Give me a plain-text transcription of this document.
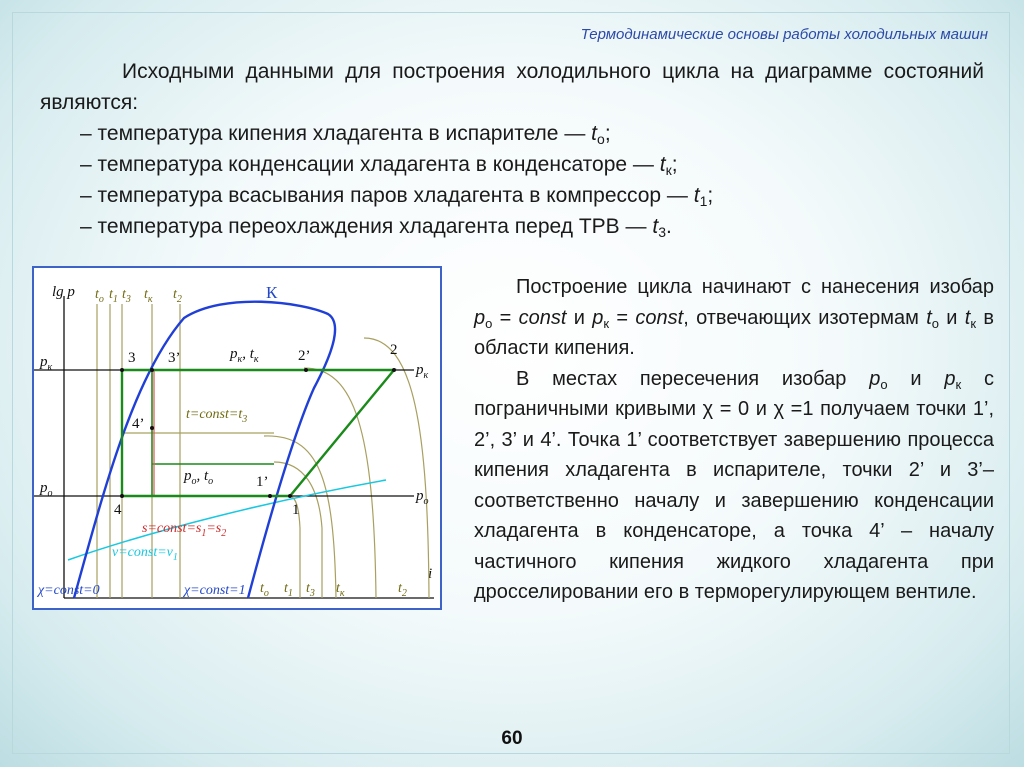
Термодинамические основы работы холодильных машин
Исходными данными для построения холодильного цикла на диаграмме состояний являются:
– температура кипения хладагента в испарителе — $t_о$;
– температура конденсации хладагента в конденсаторе — $t_к$;
– температура всасывания паров хладагента в компрессор — $t_1$;
– температура переохлаждения хладагента перед ТРВ — $t_3$.
lg p
i
$t_о$ $t_1$ $t_3$ $t_к$ $t_2$	К
$t_о$ $t_1$ $t_3$ $t_к$	$t_2$
$p_к$	$p_к$
$p_о$	$p_о$
$p_к$, $t_к$
$p_о$, $t_о$
$t=const=t_3$
$s=const=s_1=s_2$
$v=const=v_1$
χ=const=0	χ=const=1
1
1’
2
2’
3 3’
4
4’

Построение цикла начинают с нанесения изобар $p_о$ = const и $p_к$ = const, отвечающих изотермам $t_о$ и $t_к$ в области кипения.

В местах пересечения изобар $p_о$ и $p_к$ с пограничными кривыми χ = 0 и χ =1 получаем точки 1’, 2’, 3’ и 4’. Точка 1’ соответствует завершению процесса кипения хладагента в испарителе, точки 2’ и 3’– соответственно началу и завершению конденсации хладагента в конденсаторе, а точка 4’ – началу частичного кипения жидкого хладагента при дросселировании его в терморегулирующем вентиле.

60
